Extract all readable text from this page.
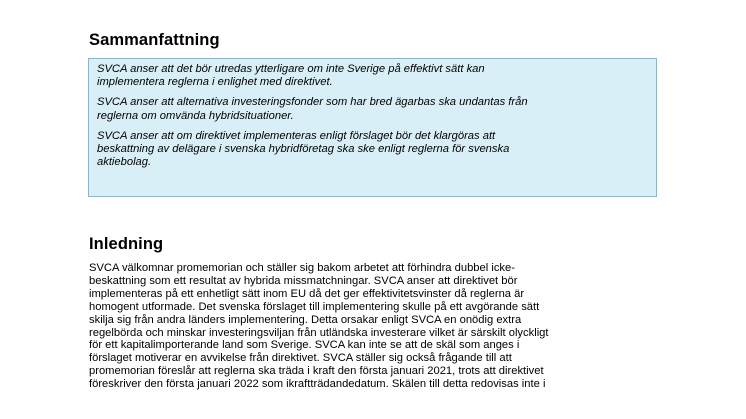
Sammanfattning

SVCA anser att det bör utredas ytterligare om inte Sverige på effektivt sätt kan
implementera reglerna i enlighet med direktivet.

SVCA anser att alternativa investeringsfonder som har bred ägarbas ska undantas från
reglerna om omvända hybridsituationer.

SVCA anser att om direktivet implementeras enligt förslaget bör det klargöras att
beskattning av delägare i svenska hybridföretag ska ske enligt reglerna för svenska
aktiebolag.

Inledning

SVCA välkomnar promemorian och ställer sig bakom arbetet att förhindra dubbel icke-
beskattning som ett resultat av hybrida missmatchningar. SVCA anser att direktivet bör
implementeras på ett enhetligt sätt inom EU då det ger effektivitetsvinster då reglerna är
homogent utformade. Det svenska förslaget till implementering skulle på ett avgörande sätt
skilja sig från andra länders implementering. Detta orsakar enligt SVCA en onödig extra
regelbörda och minskar investeringsviljan från utländska investerare vilket är särskilt olyckligt
för ett kapitalimporterande land som Sverige. SVCA kan inte se att de skäl som anges i
förslaget motiverar en avvikelse från direktivet. SVCA ställer sig också frågande till att
promemorian föreslår att reglerna ska träda i kraft den första januari 2021, trots att direktivet
föreskriver den första januari 2022 som ikraftträdandedatum. Skälen till detta redovisas inte i
